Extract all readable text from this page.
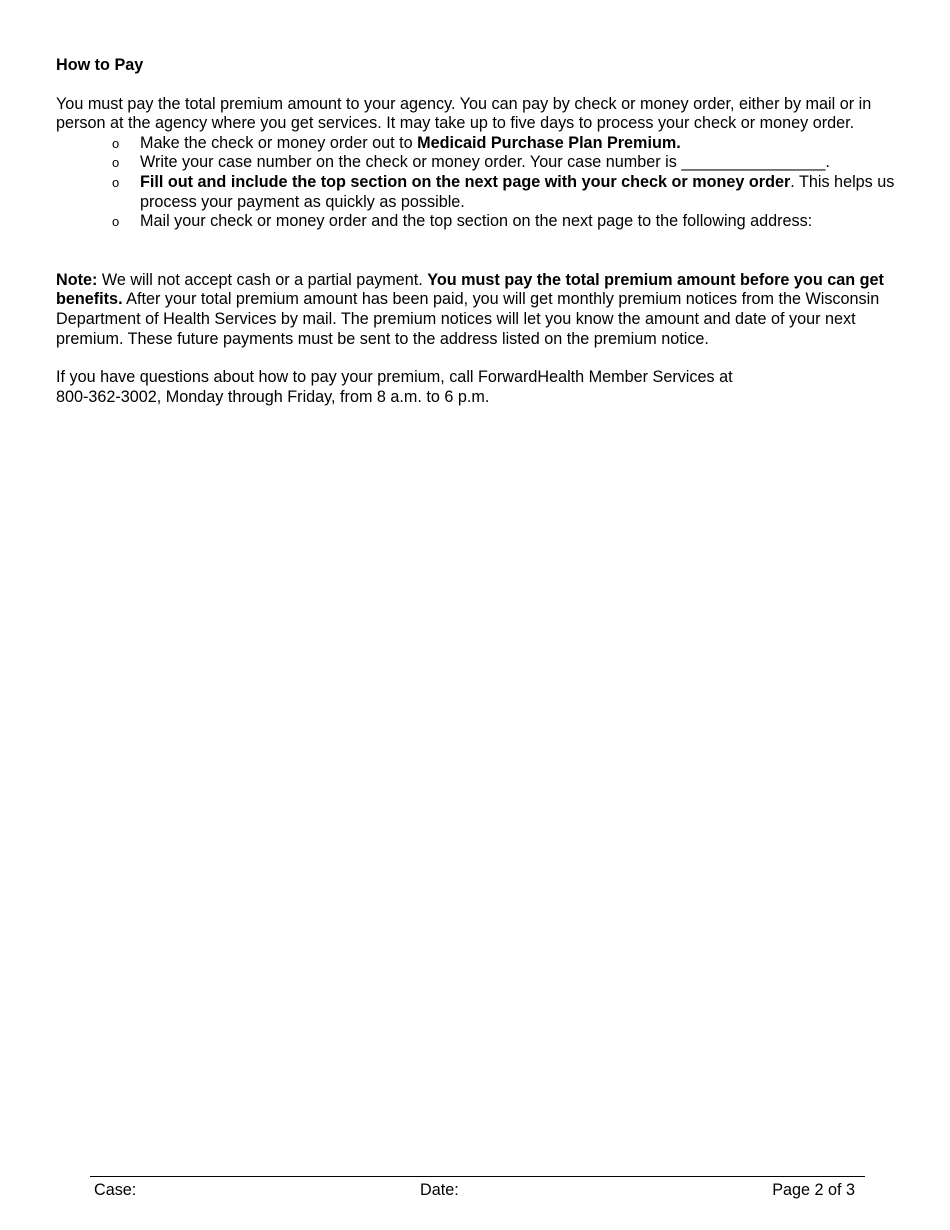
How to Pay

You must pay the total premium amount to your agency. You can pay by check or money order, either by mail or in person at the agency where you get services. It may take up to five days to process your check or money order.

o Make the check or money order out to Medicaid Purchase Plan Premium.
o Write your case number on the check or money order. Your case number is ________________.
o Fill out and include the top section on the next page with your check or money order. This helps us process your payment as quickly as possible.
o Mail your check or money order and the top section on the next page to the following address:

Note: We will not accept cash or a partial payment. You must pay the total premium amount before you can get benefits. After your total premium amount has been paid, you will get monthly premium notices from the Wisconsin Department of Health Services by mail. The premium notices will let you know the amount and date of your next premium. These future payments must be sent to the address listed on the premium notice.

If you have questions about how to pay your premium, call ForwardHealth Member Services at
800-362-3002, Monday through Friday, from 8 a.m. to 6 p.m.

Case:	Date:	Page 2 of 3
